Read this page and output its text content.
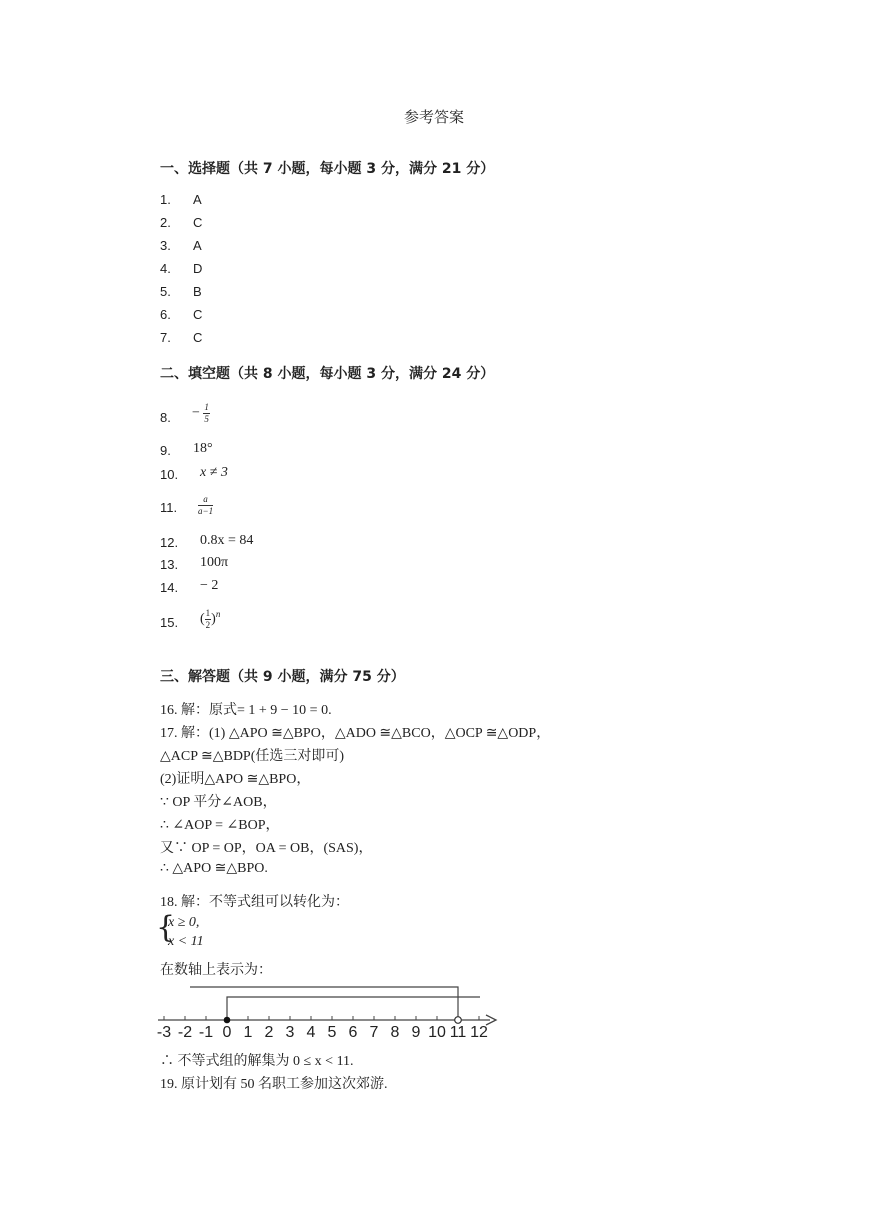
参考答案
一、选择题（共 7 小题，每小题 3 分，满分 21 分）
1. A
2. C
3. A
4. D
5. B
6. C
7. C
二、填空题（共 8 小题，每小题 3 分，满分 24 分）
8. − $\frac{1}{5}$
9. 18°
10. x ≠ 3
11. $\frac{a}{a-1}$
12. 0.8x = 84
13. 100π
14. − 2
15. ( $\frac{1}{2} )^n$
三、解答题（共 9 小题，满分 75 分）
16. 解：原式= 1 + 9 − 10 = 0.
17. 解：(1) △APO ≅△BPO，△ADO ≅△BCO，△OCP ≅△ODP，
△ACP ≅△BDP(任选三对即可)
(2)证明△APO ≅△BPO，
∵ OP 平分∠AOB，
∴ ∠AOP = ∠BOP，
又∵ OP = OP，OA = OB，(SAS)，
∴ △APO ≅△BPO.
18. 解：不等式组可以转化为：
{
x ≥ 0,
x < 11
在数轴上表示为：
-3 -2 -1 0 1 2 3 4 5 6 7 8 9 10 11 12
∴ 不等式组的解集为 0 ≤ x < 11.
19. 原计划有 50 名职工参加这次郊游.
